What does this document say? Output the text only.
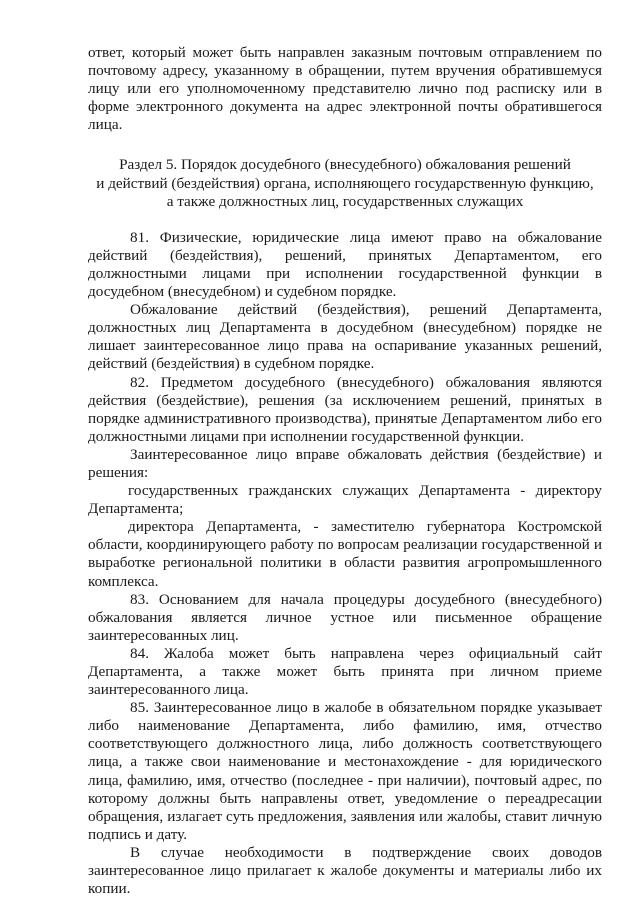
ответ, который может быть направлен заказным почтовым отправлением по почтовому адресу, указанному в обращении, путем вручения обратившемуся лицу или его уполномоченному представителю лично под расписку или в форме электронного документа на адрес электронной почты обратившегося лица.

Раздел 5. Порядок досудебного (внесудебного) обжалования решений
и действий (бездействия) органа, исполняющего государственную функцию,
а также должностных лиц, государственных служащих

81. Физические, юридические лица имеют право на обжалование действий (бездействия), решений, принятых Департаментом, его должностными лицами при исполнении государственной функции в досудебном (внесудебном) и судебном порядке.

Обжалование действий (бездействия), решений Департамента, должностных лиц Департамента в досудебном (внесудебном) порядке не лишает заинтересованное лицо права на оспаривание указанных решений, действий (бездействия) в судебном порядке.

82. Предметом досудебного (внесудебного) обжалования являются действия (бездействие), решения (за исключением решений, принятых в порядке административного производства), принятые Департаментом либо его должностными лицами при исполнении государственной функции.

Заинтересованное лицо вправе обжаловать действия (бездействие) и решения:

государственных гражданских служащих Департамента - директору Департамента;

директора Департамента, - заместителю губернатора Костромской области, координирующего работу по вопросам реализации государственной и выработке региональной политики в области развития агропромышленного комплекса.

83. Основанием для начала процедуры досудебного (внесудебного) обжалования является личное устное или письменное обращение заинтересованных лиц.

84. Жалоба может быть направлена через официальный сайт Департамента, а также может быть принята при личном приеме заинтересованного лица.

85. Заинтересованное лицо в жалобе в обязательном порядке указывает либо наименование Департамента, либо фамилию, имя, отчество соответствующего должностного лица, либо должность соответствующего лица, а также свои наименование и местонахождение - для юридического лица, фамилию, имя, отчество (последнее - при наличии), почтовый адрес, по которому должны быть направлены ответ, уведомление о переадресации обращения, излагает суть предложения, заявления или жалобы, ставит личную подпись и дату.

В случае необходимости в подтверждение своих доводов заинтересованное лицо прилагает к жалобе документы и материалы либо их копии.
